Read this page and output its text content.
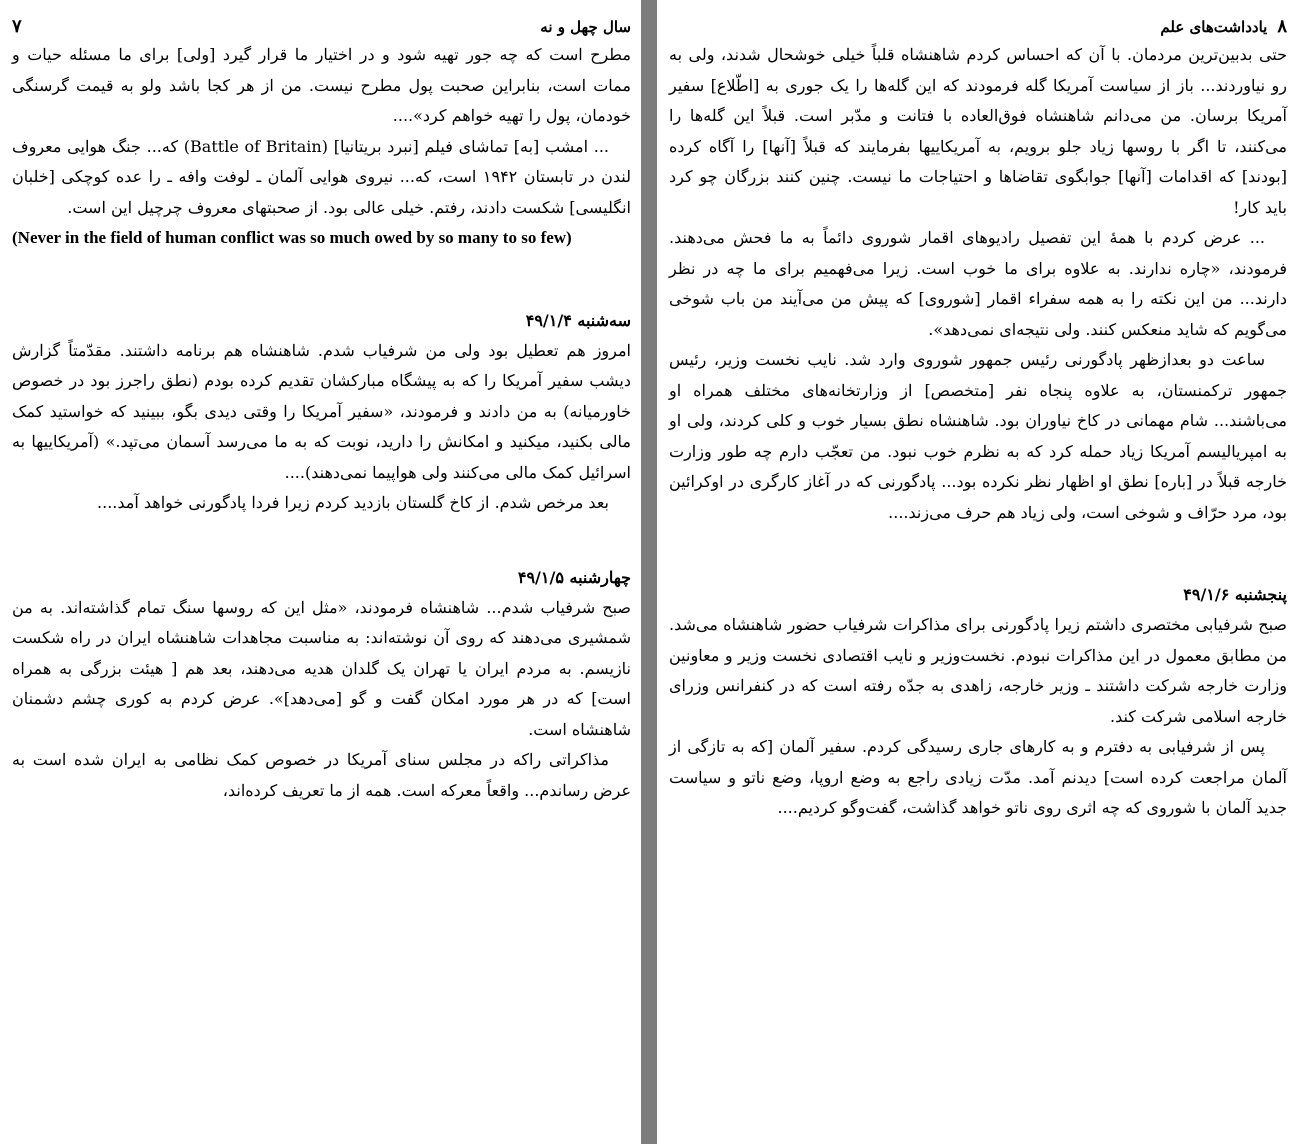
سال چهل و نه
۷

مطرح است که چه جور تهیه شود و در اختیار ما قرار گیرد [ولی] برای ما مسئله حیات و ممات است، بنابراین صحبت پول مطرح نیست. من از هر کجا باشد ولو به قیمت گرسنگی خودمان، پول را تهیه خواهم کرد»....

... امشب [به] تماشای فیلم [نبرد بریتانیا] (Battle of Britain) که... جنگ هوایی معروف لندن در تابستان ۱۹۴۲ است، که... نیروی هوایی آلمان ـ لوفت وافه ـ را عده کوچکی [خلبان انگلیسی] شکست دادند، رفتم. خیلی عالی بود. از صحبتهای معروف چرچیل این است.

(Never in the field of human conflict was so much owed by so many to so few)

سه‌شنبه ۴۹/۱/۴

امروز هم تعطیل بود ولی من شرفیاب شدم. شاهنشاه هم برنامه داشتند. مقدّمتاً گزارش دیشب سفیر آمریکا را که به پیشگاه مبارکشان تقدیم کرده بودم (نطق راجرز بود در خصوص خاورمیانه) به من دادند و فرمودند، «سفیر آمریکا را وقتی دیدی بگو، ببینید که خواستید کمک مالی بکنید، میکنید و امکانش را دارید، نوبت که به ما می‌رسد آسمان می‌تپد.» (آمریکاییها به اسرائیل کمک مالی می‌کنند ولی هواپیما نمی‌دهند)....

بعد مرخص شدم. از کاخ گلستان بازدید کردم زیرا فردا پادگورنی خواهد آمد....

چهارشنبه ۴۹/۱/۵

صبح شرفیاب شدم... شاهنشاه فرمودند، «مثل این که روسها سنگ تمام گذاشته‌اند. به من شمشیری می‌دهند که روی آن نوشته‌اند: به مناسبت مجاهدات شاهنشاه ایران در راه شکست نازیسم. به مردم ایران یا تهران یک گلدان هدیه می‌دهند، بعد هم [ هیئت بزرگی به همراه است] که در هر مورد امکان گفت و گو [می‌دهد]». عرض کردم به کوری چشم دشمنان شاهنشاه است.

مذاکراتی راکه در مجلس سنای آمریکا در خصوص کمک نظامی به ایران شده است به عرض رساندم... واقعاً معرکه است. همه از ما تعریف کرده‌اند،

۸
یادداشت‌های علم

حتی بدبین‌ترین مردمان. با آن که احساس کردم شاهنشاه قلباً خیلی خوشحال شدند، ولی به رو نیاوردند... باز از سیاست آمریکا گله فرمودند که این گله‌ها را یک جوری به [اطّلاع] سفیر آمریکا برسان. من می‌دانم شاهنشاه فوق‌العاده با فتانت و مدّبر است. قبلاً این گله‌ها را می‌کنند، تا اگر با روسها زیاد جلو برویم، به آمریکاییها بفرمایند که قبلاً [آنها] را آگاه کرده [بودند] که اقدامات [آنها] جوابگوی تقاضاها و احتیاجات ما نیست. چنین کنند بزرگان چو کرد باید کار!

... عرض کردم با همهٔ این تفصیل رادیوهای اقمار شوروی دائماً به ما فحش می‌دهند. فرمودند، «چاره ندارند. به علاوه برای ما خوب است. زیرا می‌فهمیم برای ما چه در نظر دارند... من این نکته را به همه سفراء اقمار [شوروی] که پیش من می‌آیند من باب شوخی می‌گویم که شاید منعکس کنند. ولی نتیجه‌ای نمی‌دهد».

ساعت دو بعدازظهر پادگورنی رئیس جمهور شوروی وارد شد. نایب نخست وزیر، رئیس جمهور ترکمنستان، به علاوه پنجاه نفر [متخصص] از وزارتخانه‌های مختلف همراه او می‌باشند... شام مهمانی در کاخ نیاوران بود. شاهنشاه نطق بسیار خوب و کلی کردند، ولی او به امپریالیسم آمریکا زیاد حمله کرد که به نظرم خوب نبود. من تعجّب دارم چه طور وزارت خارجه قبلاً در [باره] نطق او اظهار نظر نکرده بود... پادگورنی که در آغاز کارگری در اوکرائین بود، مرد حرّاف و شوخی است، ولی زیاد هم حرف می‌زند....

پنجشنبه ۴۹/۱/۶

صبح شرفیابی مختصری داشتم زیرا پادگورنی برای مذاکرات شرفیاب حضور شاهنشاه می‌شد. من مطابق معمول در این مذاکرات نبودم. نخست‌وزیر و نایب اقتصادی نخست وزیر و معاونین وزارت خارجه شرکت داشتند ـ وزیر خارجه، زاهدی به جدّه رفته است که در کنفرانس وزرای خارجه اسلامی شرکت کند.

پس از شرفیابی به دفترم و به کارهای جاری رسیدگی کردم. سفیر آلمان [که به تازگی از آلمان مراجعت کرده است] دیدنم آمد. مدّت زیادی راجع به وضع اروپا، وضع ناتو و سیاست جدید آلمان با شوروی که چه اثری روی ناتو خواهد گذاشت، گفت‌وگو کردیم....
